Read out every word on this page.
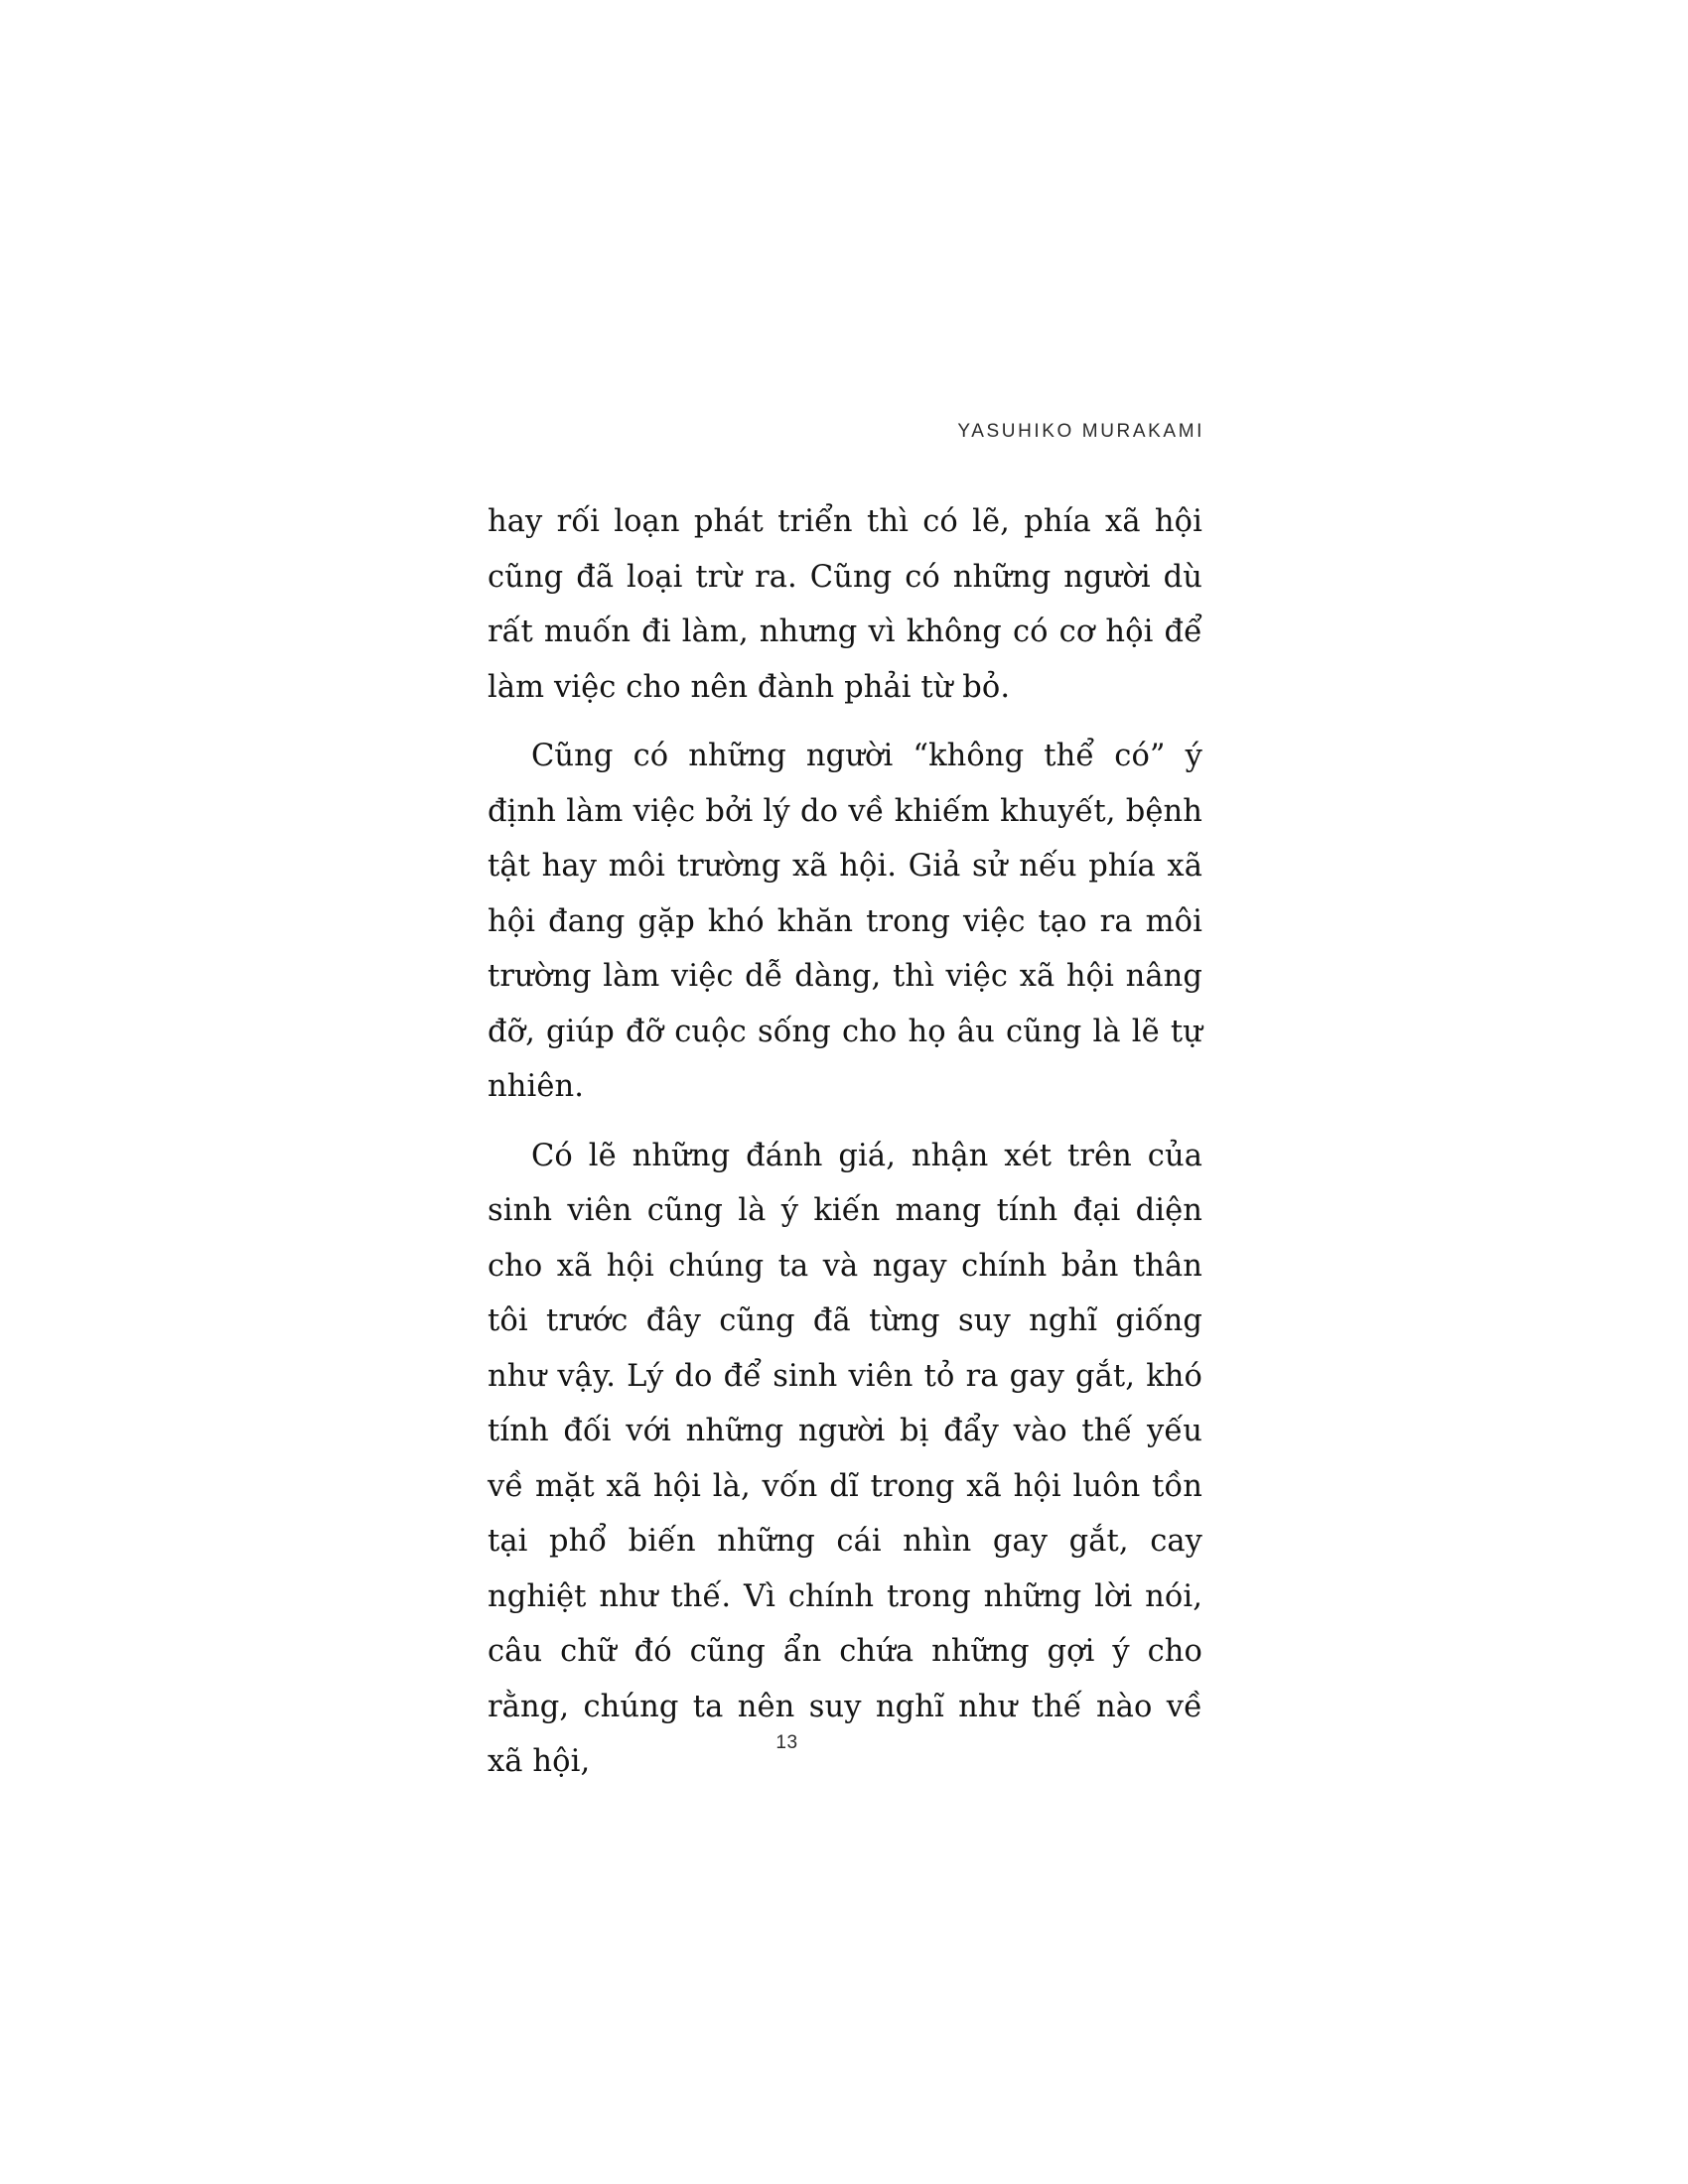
YASUHIKO MURAKAMI

hay rối loạn phát triển thì có lẽ, phía xã hội cũng đã loại trừ ra. Cũng có những người dù rất muốn đi làm, nhưng vì không có cơ hội để làm việc cho nên đành phải từ bỏ.

Cũng có những người “không thể có” ý định làm việc bởi lý do về khiếm khuyết, bệnh tật hay môi trường xã hội. Giả sử nếu phía xã hội đang gặp khó khăn trong việc tạo ra môi trường làm việc dễ dàng, thì việc xã hội nâng đỡ, giúp đỡ cuộc sống cho họ âu cũng là lẽ tự nhiên.

Có lẽ những đánh giá, nhận xét trên của sinh viên cũng là ý kiến mang tính đại diện cho xã hội chúng ta và ngay chính bản thân tôi trước đây cũng đã từng suy nghĩ giống như vậy. Lý do để sinh viên tỏ ra gay gắt, khó tính đối với những người bị đẩy vào thế yếu về mặt xã hội là, vốn dĩ trong xã hội luôn tồn tại phổ biến những cái nhìn gay gắt, cay nghiệt như thế. Vì chính trong những lời nói, câu chữ đó cũng ẩn chứa những gợi ý cho rằng, chúng ta nên suy nghĩ như thế nào về xã hội,

13
